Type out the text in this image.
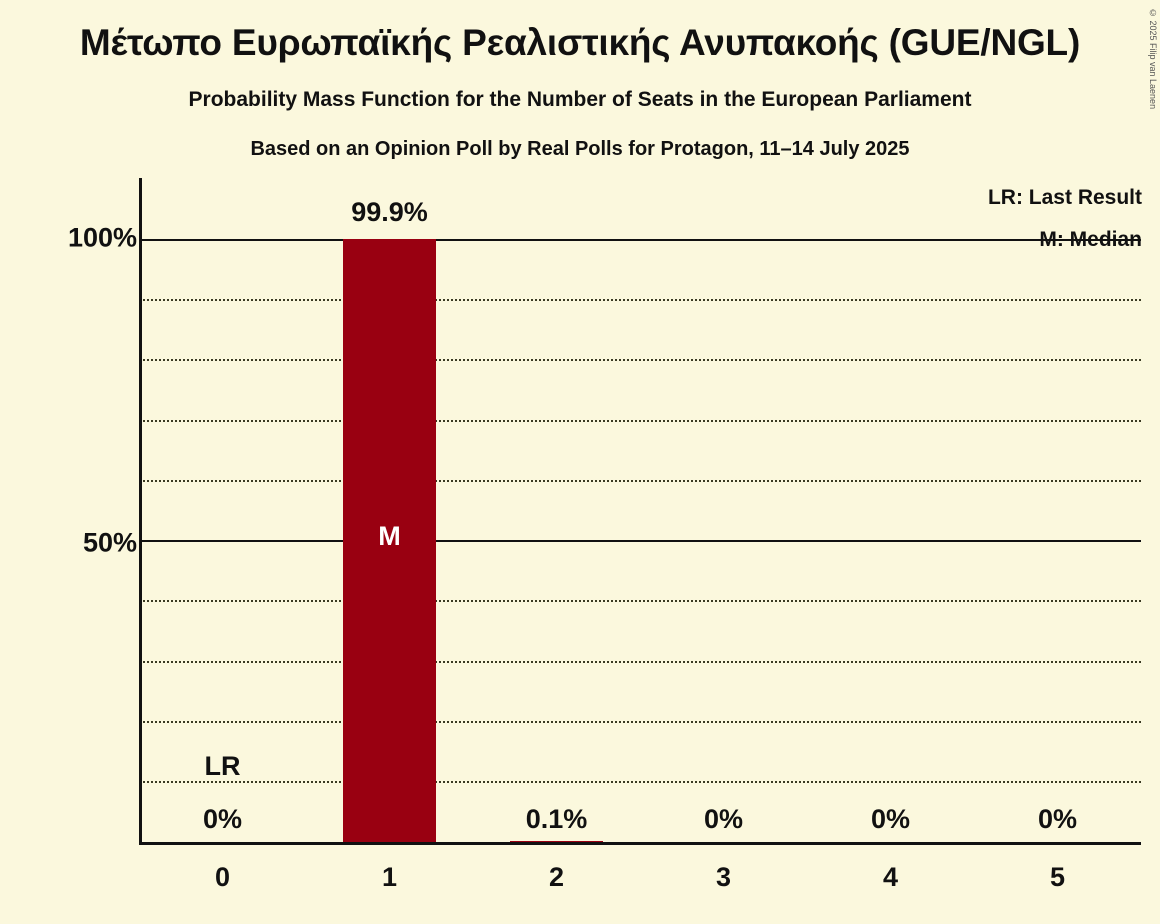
Μέτωπο Ευρωπαϊκής Ρεαλιστικής Ανυπακοής (GUE/NGL)
Probability Mass Function for the Number of Seats in the European Parliament
Based on an Opinion Poll by Real Polls for Protagon, 11–14 July 2025
© 2025 Filip van Laenen
LR: Last Result
M: Median
100%
50%
LR
0%
M
99.9%
0.1%	0%	0%	0%
0	1	2	3	4	5
